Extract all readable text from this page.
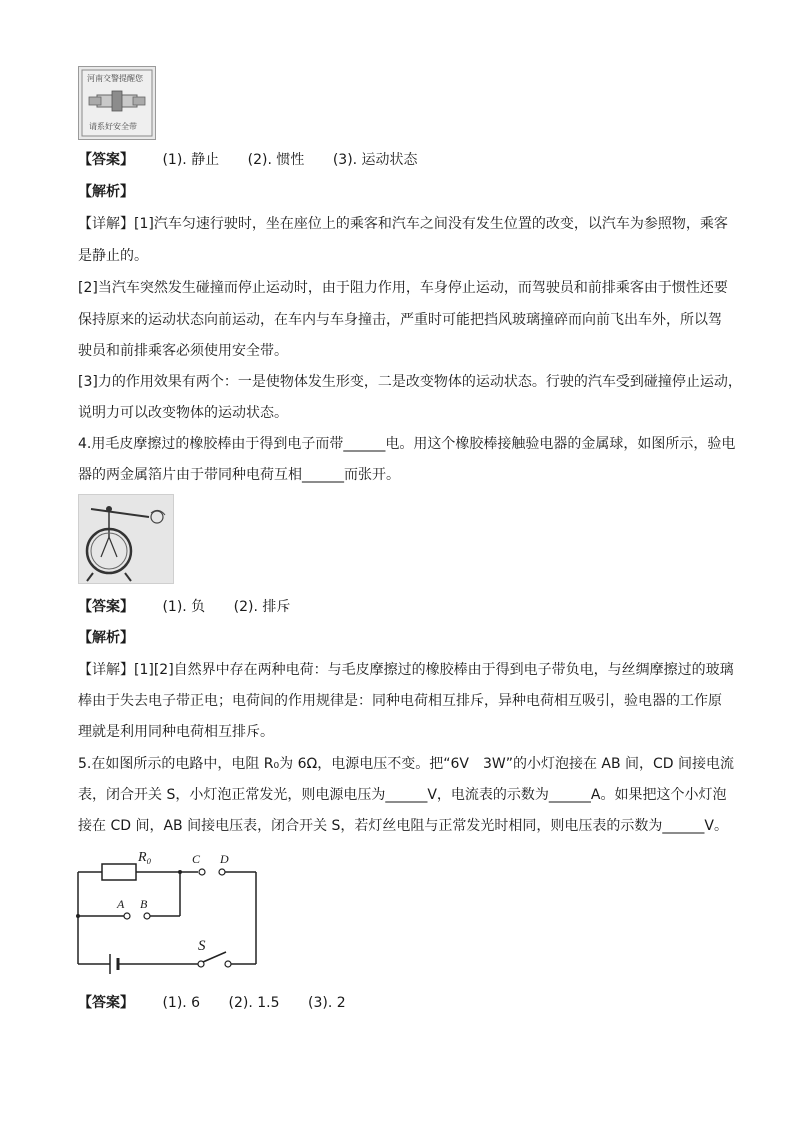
河南交警提醒您
请系好安全带
【答案】 (1). 静止 (2). 惯性 (3). 运动状态
【解析】
【详解】[1]汽车匀速行驶时，坐在座位上的乘客和汽车之间没有发生位置的改变，以汽车为参照物，乘客
是静止的。
[2]当汽车突然发生碰撞而停止运动时，由于阻力作用，车身停止运动，而驾驶员和前排乘客由于惯性还要
保持原来的运动状态向前运动，在车内与车身撞击，严重时可能把挡风玻璃撞碎而向前飞出车外，所以驾
驶员和前排乘客必须使用安全带。
[3]力的作用效果有两个：一是使物体发生形变，二是改变物体的运动状态。行驶的汽车受到碰撞停止运动，
说明力可以改变物体的运动状态。
4.用毛皮摩擦过的橡胶棒由于得到电子而带______电。用这个橡胶棒接触验电器的金属球，如图所示，验电
器的两金属箔片由于带同种电荷互相______而张开。
【答案】 (1). 负 (2). 排斥
【解析】
【详解】[1][2]自然界中存在两种电荷：与毛皮摩擦过的橡胶棒由于得到电子带负电，与丝绸摩擦过的玻璃
棒由于失去电子带正电；电荷间的作用规律是：同种电荷相互排斥，异种电荷相互吸引，验电器的工作原
理就是利用同种电荷相互排斥。
5.在如图所示的电路中，电阻 R₀为 6Ω，电源电压不变。把“6V　3W”的小灯泡接在 AB 间，CD 间接电流
表，闭合开关 S，小灯泡正常发光，则电源电压为______V，电流表的示数为______A。如果把这个小灯泡
接在 CD 间，AB 间接电压表，闭合开关 S，若灯丝电阻与正常发光时相同，则电压表的示数为______V。
R₀	C D
A B
S
【答案】 (1). 6 (2). 1.5 (3). 2
